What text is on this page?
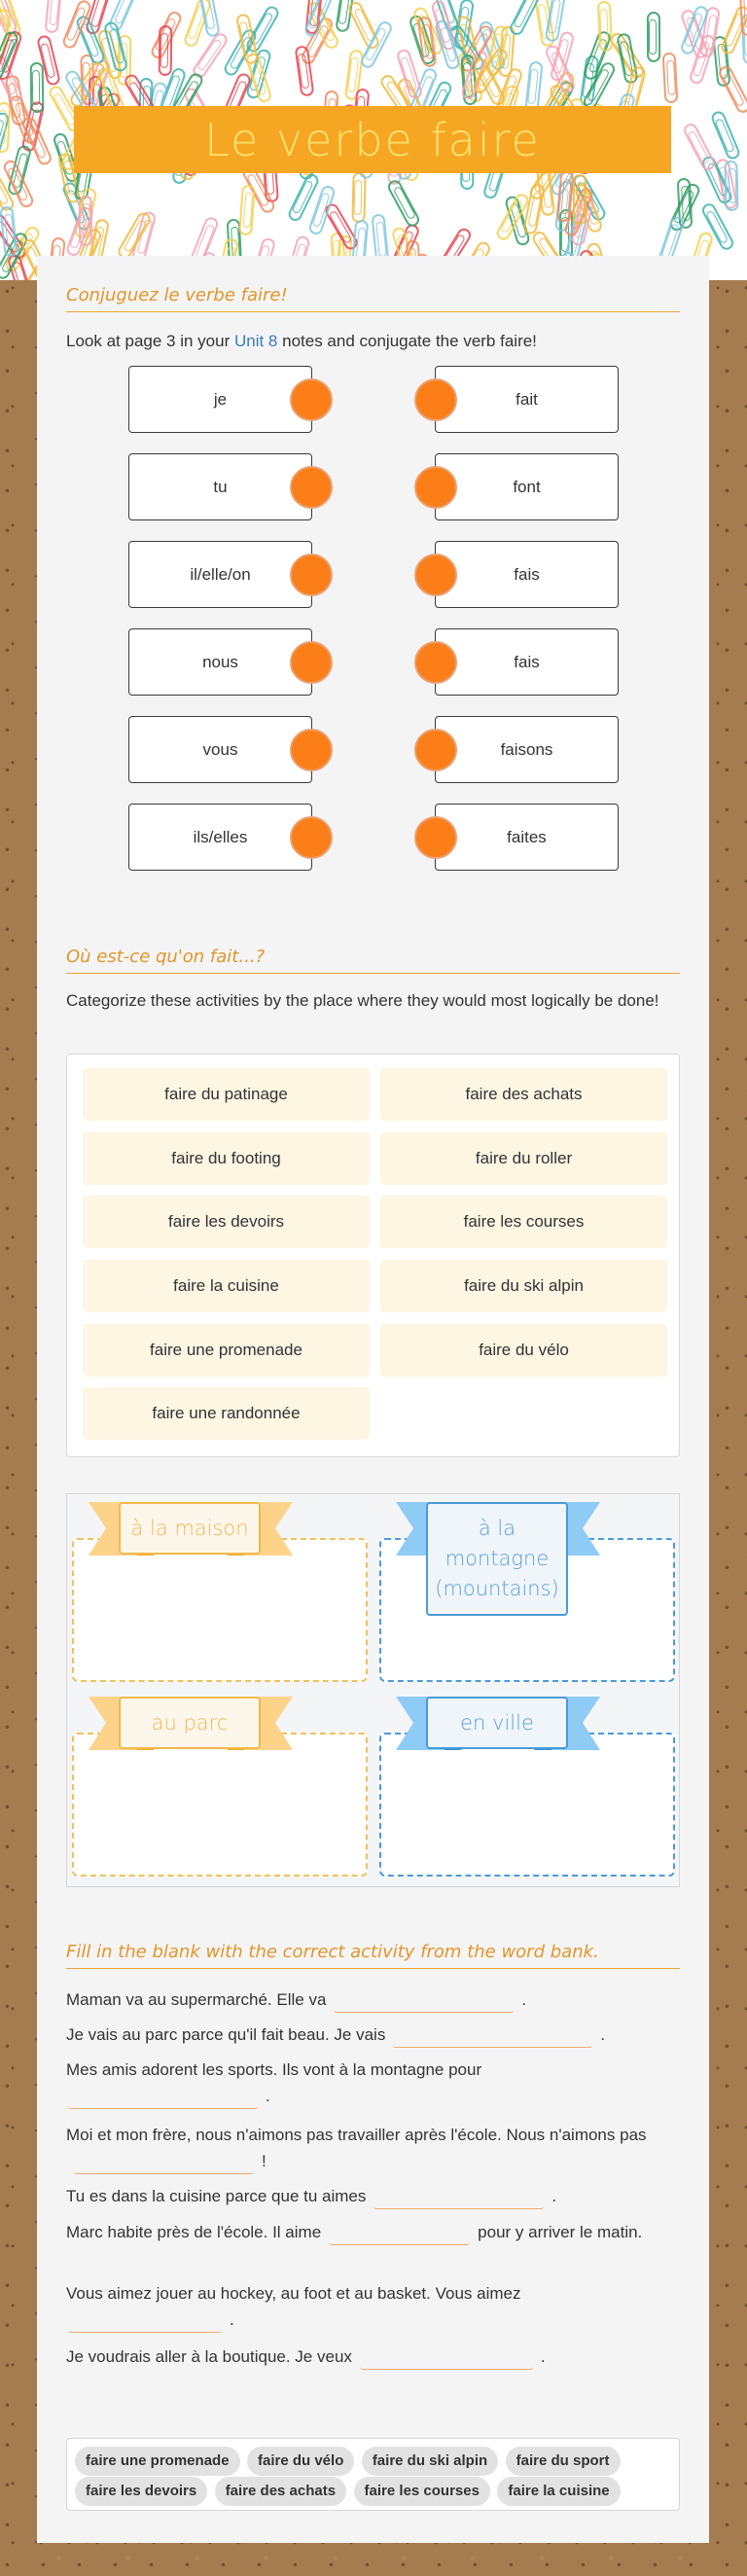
Le verbe faire
Conjuguez le verbe faire!
Look at page 3 in your Unit 8 notes and conjugate the verb faire!
je
tu
il/elle/on
nous
vous
ils/elles
fait
font
fais
fais
faisons
faites
Où est-ce qu'on fait...?
Categorize these activities by the place where they would most logically be done!
faire du patinage	faire des achats
faire du footing	faire du roller
faire les devoirs	faire les courses
faire la cuisine	faire du ski alpin
faire une promenade	faire du vélo
faire une randonnée
à la maison	à la montagne (mountains)
au parc	en ville
Fill in the blank with the correct activity from the word bank.
Maman va au supermarché. Elle va	.
Je vais au parc parce qu'il fait beau. Je vais	.
Mes amis adorent les sports. Ils vont à la montagne pour
.
Moi et mon frère, nous n'aimons pas travailler après l'école. Nous n'aimons pas!
Tu es dans la cuisine parce que tu aimes	.
Marc habite près de l'école. Il aime	pour y arriver le matin.
Vous aimez jouer au hockey, au foot et au basket. Vous aimez
.
Je voudrais aller à la boutique. Je veux	.
faire une promenade faire du vélo faire du ski alpin faire du sport
faire les devoirs faire des achats faire les courses faire la cuisine
